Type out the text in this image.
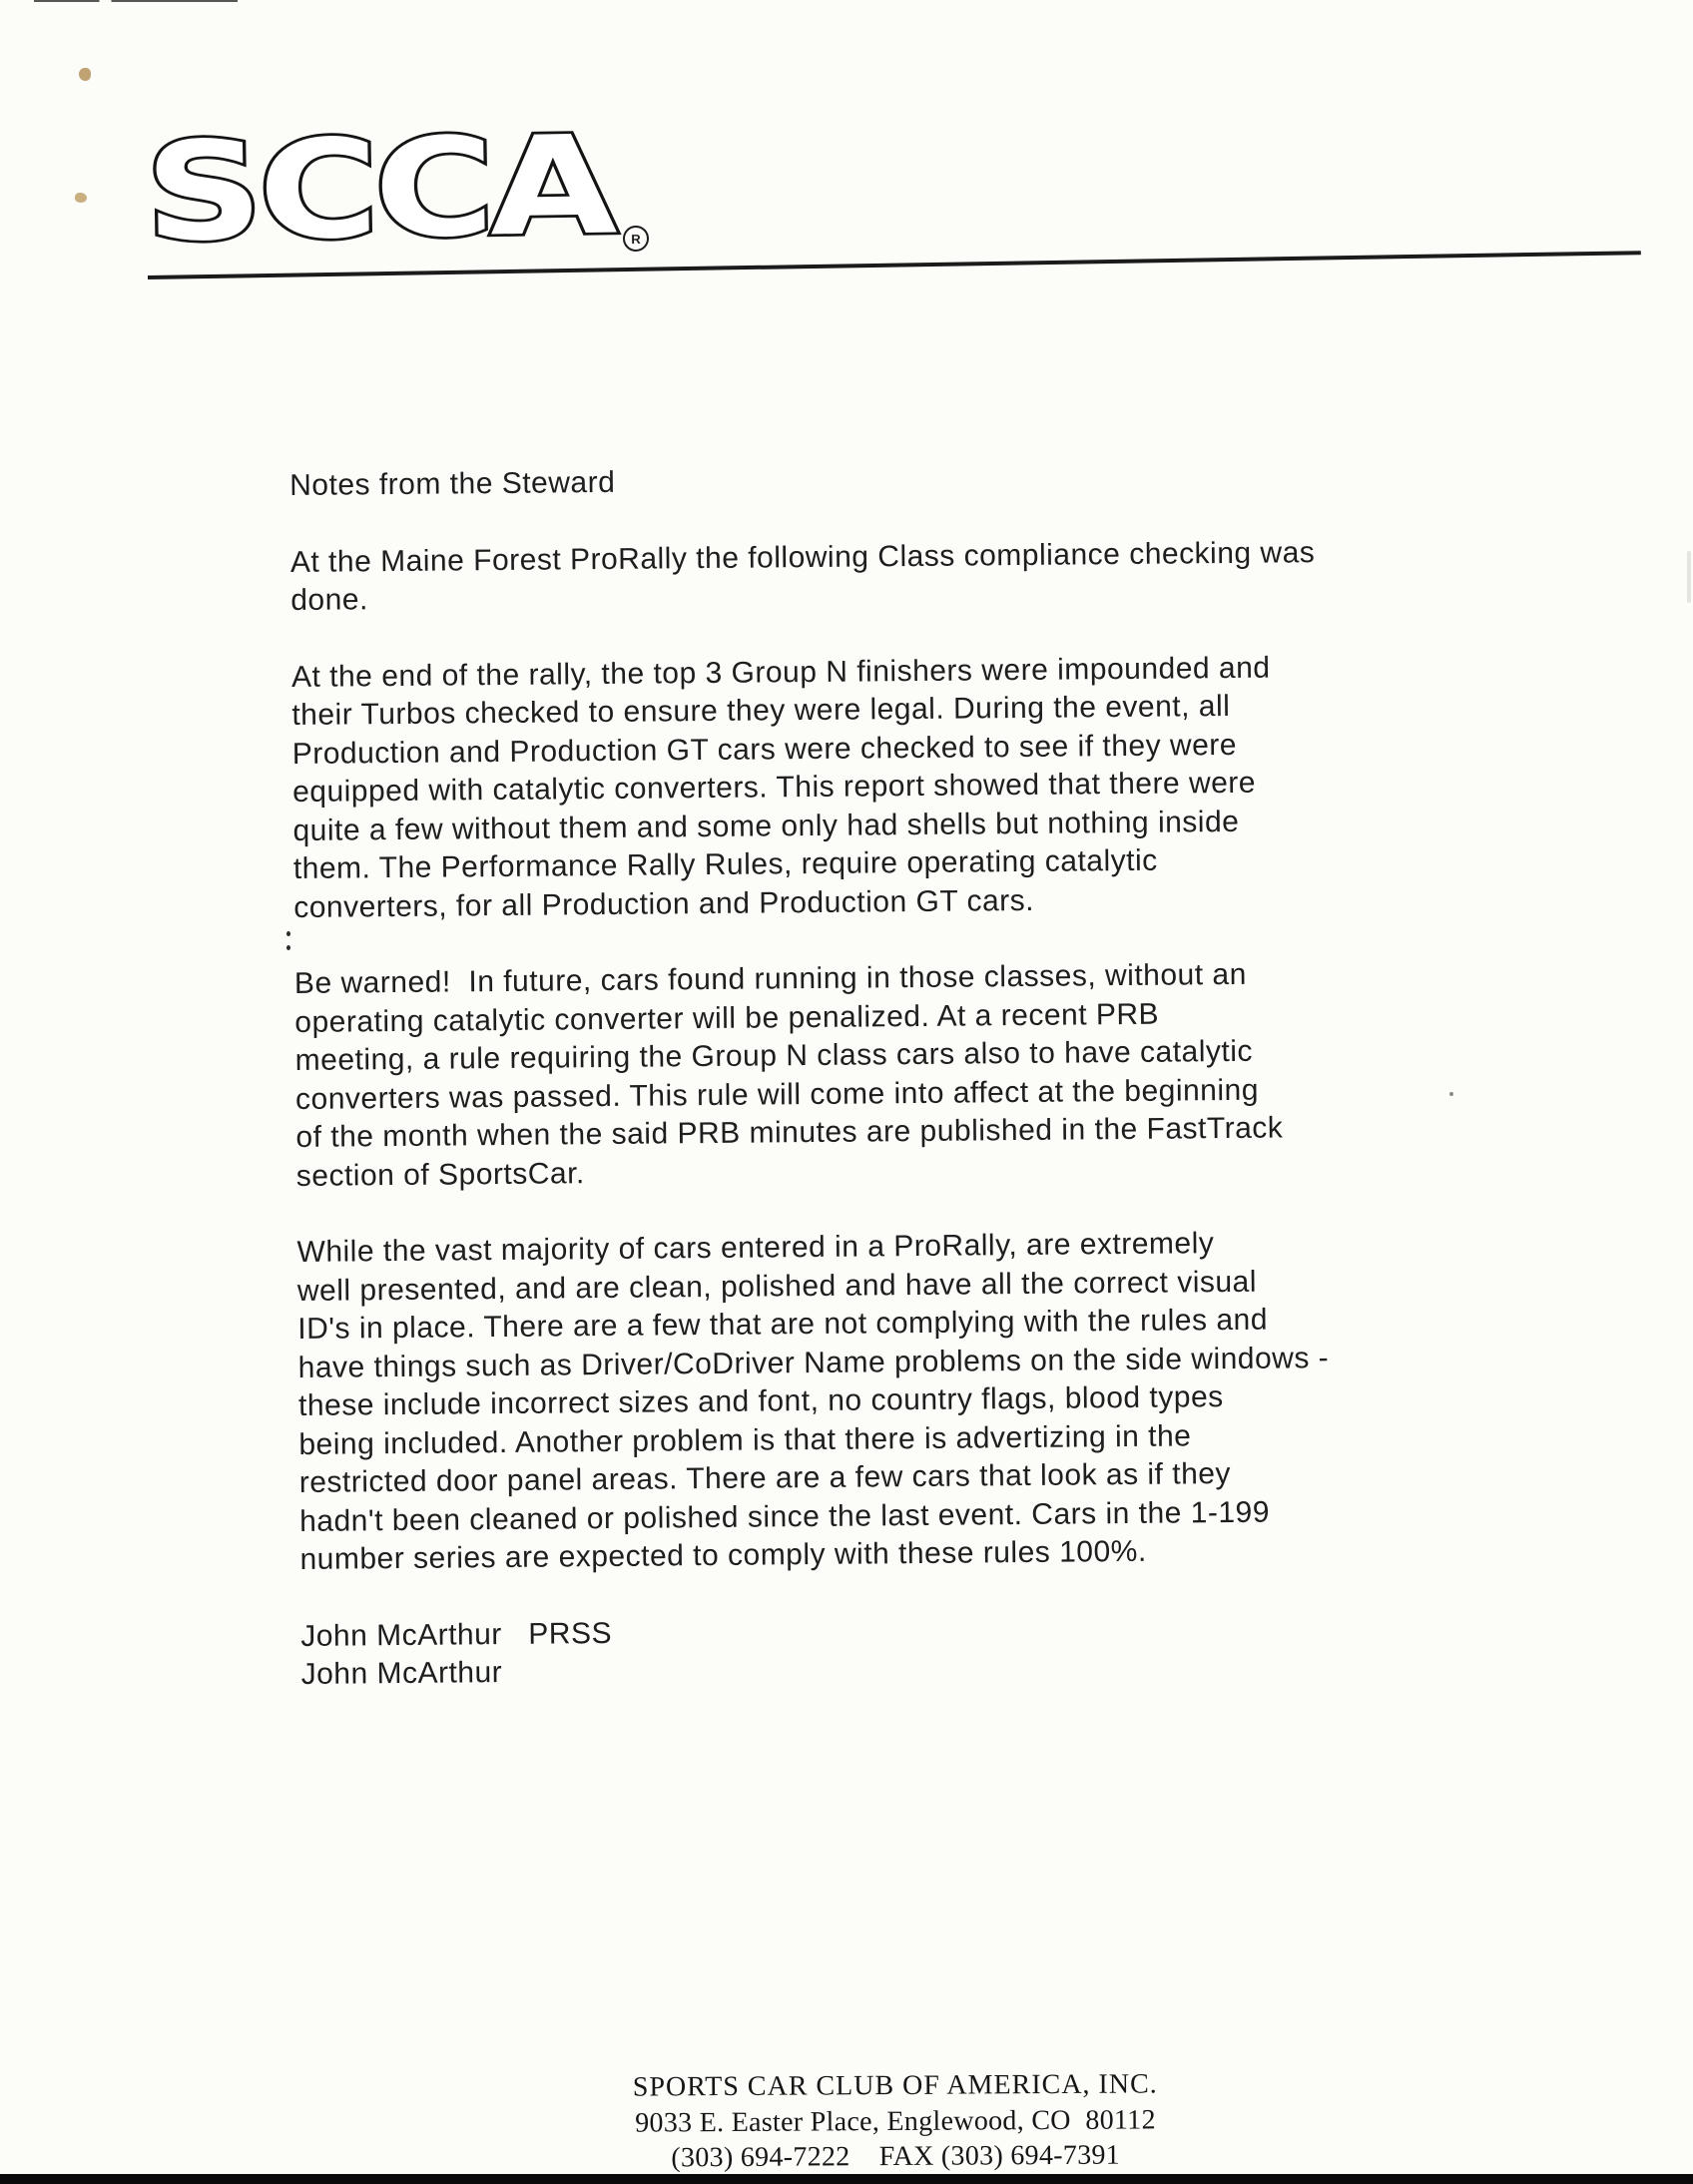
SCCA	R
Notes from the Steward
At the Maine Forest ProRally the following Class compliance checking was
done.
At the end of the rally, the top 3 Group N finishers were impounded and
their Turbos checked to ensure they were legal. During the event, all
Production and Production GT cars were checked to see if they were
equipped with catalytic converters. This report showed that there were
quite a few without them and some only had shells but nothing inside
them. The Performance Rally Rules, require operating catalytic
converters, for all Production and Production GT cars.
Be warned!  In future, cars found running in those classes, without an
operating catalytic converter will be penalized. At a recent PRB
meeting, a rule requiring the Group N class cars also to have catalytic
converters was passed. This rule will come into affect at the beginning
of the month when the said PRB minutes are published in the FastTrack
section of SportsCar.
While the vast majority of cars entered in a ProRally, are extremely
well presented, and are clean, polished and have all the correct visual
ID's in place. There are a few that are not complying with the rules and
have things such as Driver/CoDriver Name problems on the side windows -
these include incorrect sizes and font, no country flags, blood types
being included. Another problem is that there is advertizing in the
restricted door panel areas. There are a few cars that look as if they
hadn't been cleaned or polished since the last event. Cars in the 1-199
number series are expected to comply with these rules 100%.
John McArthur   PRSS
John McArthur
SPORTS CAR CLUB OF AMERICA, INC.
9033 E. Easter Place, Englewood, CO  80112
(303) 694-7222    FAX (303) 694-7391
